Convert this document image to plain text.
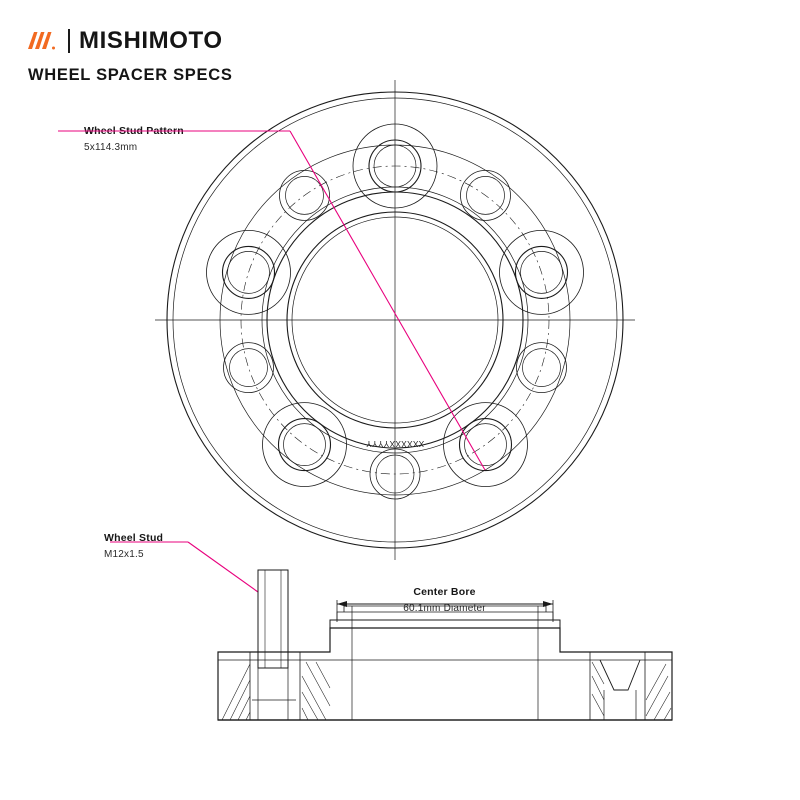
MISHIMOTO
WHEEL SPACER SPECS
Wheel Stud Pattern
5x114.3mm
Wheel Stud
M12x1.5
Center Bore
60.1mm Diameter
XXXXXXYYYY
